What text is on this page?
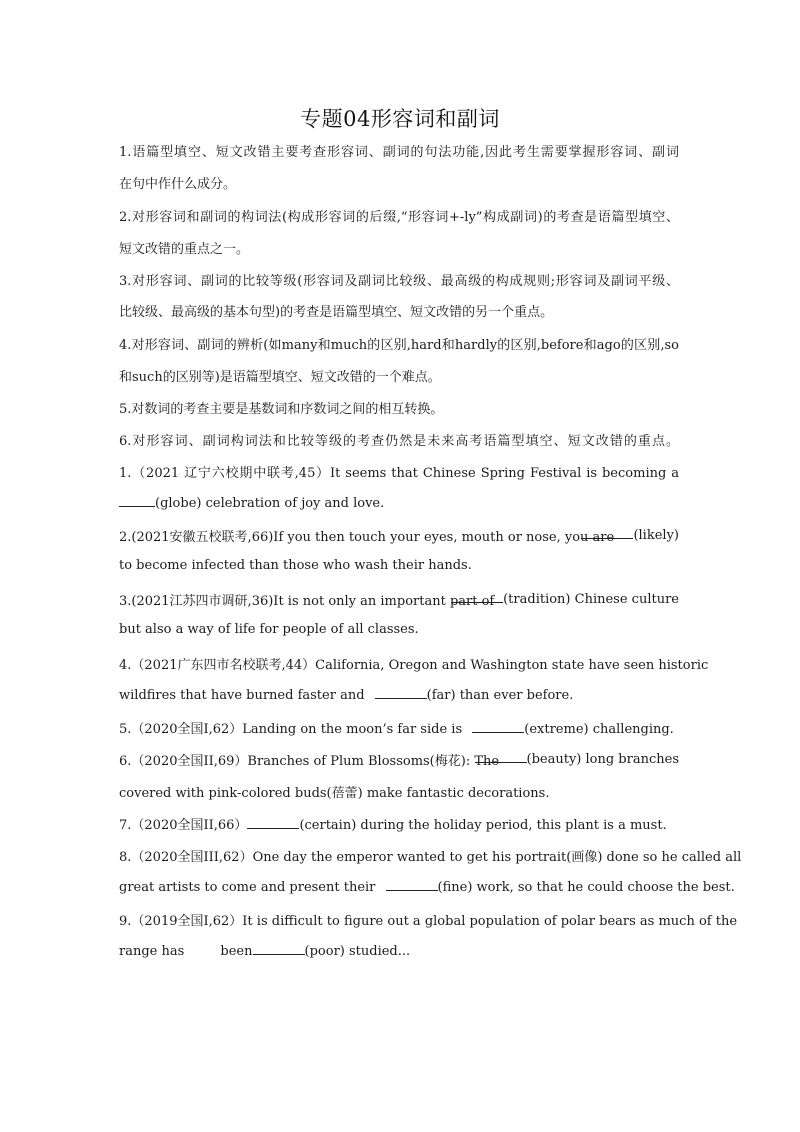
专题04形容词和副词
1.语篇型填空、短文改错主要考查形容词、副词的句法功能,因此考生需要掌握形容词、副词
在句中作什么成分。
2.对形容词和副词的构词法(构成形容词的后缀,“形容词+-ly”构成副词)的考查是语篇型填空、
短文改错的重点之一。
3.对形容词、副词的比较等级(形容词及副词比较级、最高级的构成规则;形容词及副词平级、
比较级、最高级的基本句型)的考查是语篇型填空、短文改错的另一个重点。
4.对形容词、副词的辨析(如many和much的区别,hard和hardly的区别,before和ago的区别,so
和such的区别等)是语篇型填空、短文改错的一个难点。
5.对数词的考查主要是基数词和序数词之间的相互转换。
6.对形容词、副词构词法和比较等级的考查仍然是未来高考语篇型填空、短文改错的重点。
1.（2021 辽宁六校期中联考,45）It seems that Chinese Spring Festival is becoming a
(globe) celebration of joy and love.
2.(2021安徽五校联考,66)If you then touch your eyes, mouth or nose, you are	(likely)
to become infected than those who wash their hands.
3.(2021江苏四市调研,36)It is not only an important part of (tradition) Chinese culture
but also a way of life for people of all classes.
4.（2021广东四市名校联考,44）California, Oregon and Washington state have seen historic
wildfires that have burned faster and	(far) than ever before.
5.（2020全国I,62）Landing on the moon’s far side is	(extreme) challenging.
6.（2020全国II,69）Branches of Plum Blossoms(梅花): The	(beauty) long branches
covered with pink-colored buds(蓓蕾) make fantastic decorations.
7.（2020全国II,66）	(certain) during the holiday period, this plant is a must.
8.（2020全国III,62）One day the emperor wanted to get his portrait(画像) done so he called all
great artists to come and present their	(fine) work, so that he could choose the best.
9.（2019全国I,62）It is difficult to figure out a global population of polar bears as much of the
range has	been	(poor) studied...
